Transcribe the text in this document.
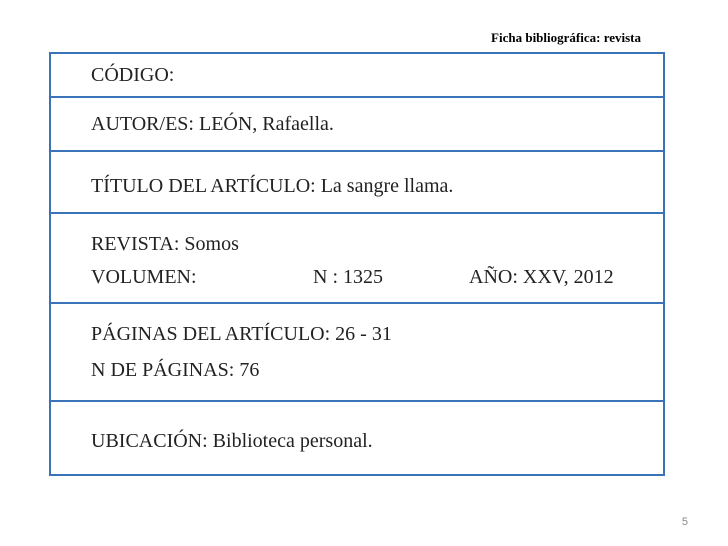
Ficha bibliográfica: revista
CÓDIGO:
AUTOR/ES: LEÓN, Rafaella.
TÍTULO DEL ARTÍCULO: La sangre llama.
REVISTA: Somos
VOLUMEN:	N : 1325	AÑO: XXV, 2012
PÁGINAS DEL ARTÍCULO: 26 - 31
N DE PÁGINAS: 76
UBICACIÓN: Biblioteca personal.
5
